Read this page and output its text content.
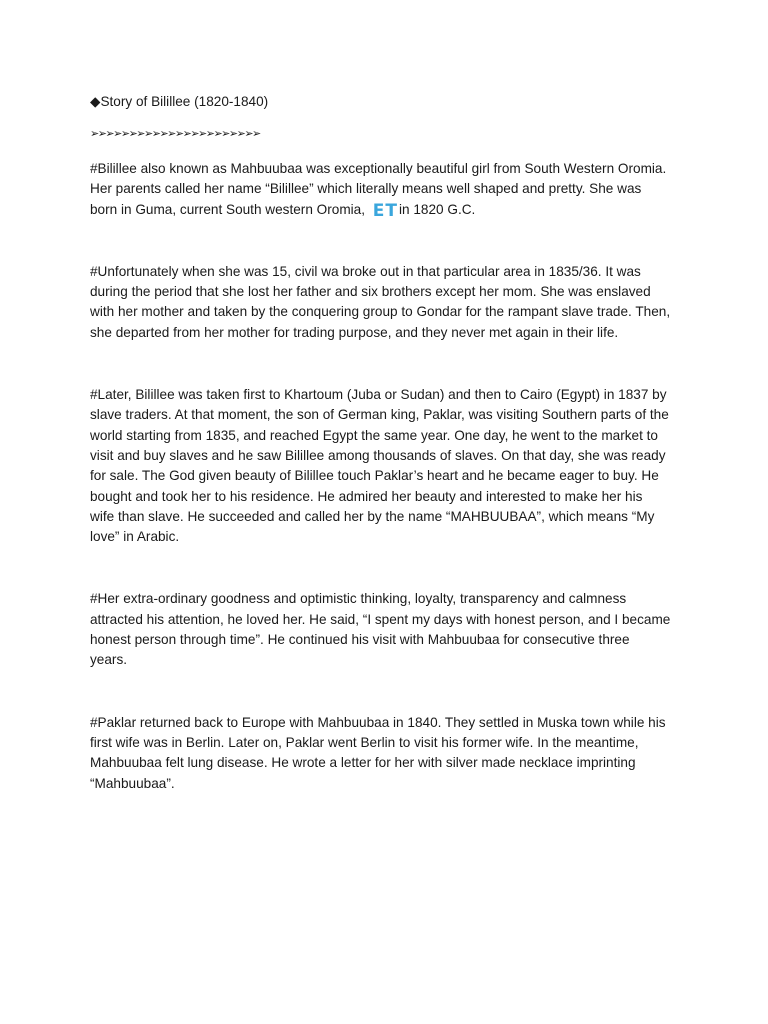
◆Story of Bilillee (1820-1840)

➢➢➢➢➢➢➢➢➢➢➢➢➢➢➢➢➢➢➢➢➢➢

#Bilillee also known as Mahbuubaa was exceptionally beautiful girl from South Western Oromia.
Her parents called her name “Bilillee” which literally means well shaped and pretty. She was
born in Guma, current South western Oromia, ETin 1820 G.C.

#Unfortunately when she was 15, civil wa broke out in that particular area in 1835/36. It was
during the period that she lost her father and six brothers except her mom. She was enslaved
with her mother and taken by the conquering group to Gondar for the rampant slave trade. Then,
she departed from her mother for trading purpose, and they never met again in their life.

#Later, Bilillee was taken first to Khartoum (Juba or Sudan) and then to Cairo (Egypt) in 1837 by
slave traders. At that moment, the son of German king, Paklar, was visiting Southern parts of the
world starting from 1835, and reached Egypt the same year. One day, he went to the market to
visit and buy slaves and he saw Bilillee among thousands of slaves. On that day, she was ready
for sale. The God given beauty of Bilillee touch Paklar’s heart and he became eager to buy. He
bought and took her to his residence. He admired her beauty and interested to make her his
wife than slave. He succeeded and called her by the name “MAHBUUBAA”, which means “My
love” in Arabic.

#Her extra-ordinary goodness and optimistic thinking, loyalty, transparency and calmness
attracted his attention, he loved her. He said, “I spent my days with honest person, and I became
honest person through time”. He continued his visit with Mahbuubaa for consecutive three
years.

#Paklar returned back to Europe with Mahbuubaa in 1840. They settled in Muska town while his
first wife was in Berlin. Later on, Paklar went Berlin to visit his former wife. In the meantime,
Mahbuubaa felt lung disease. He wrote a letter for her with silver made necklace imprinting
“Mahbuubaa”.
